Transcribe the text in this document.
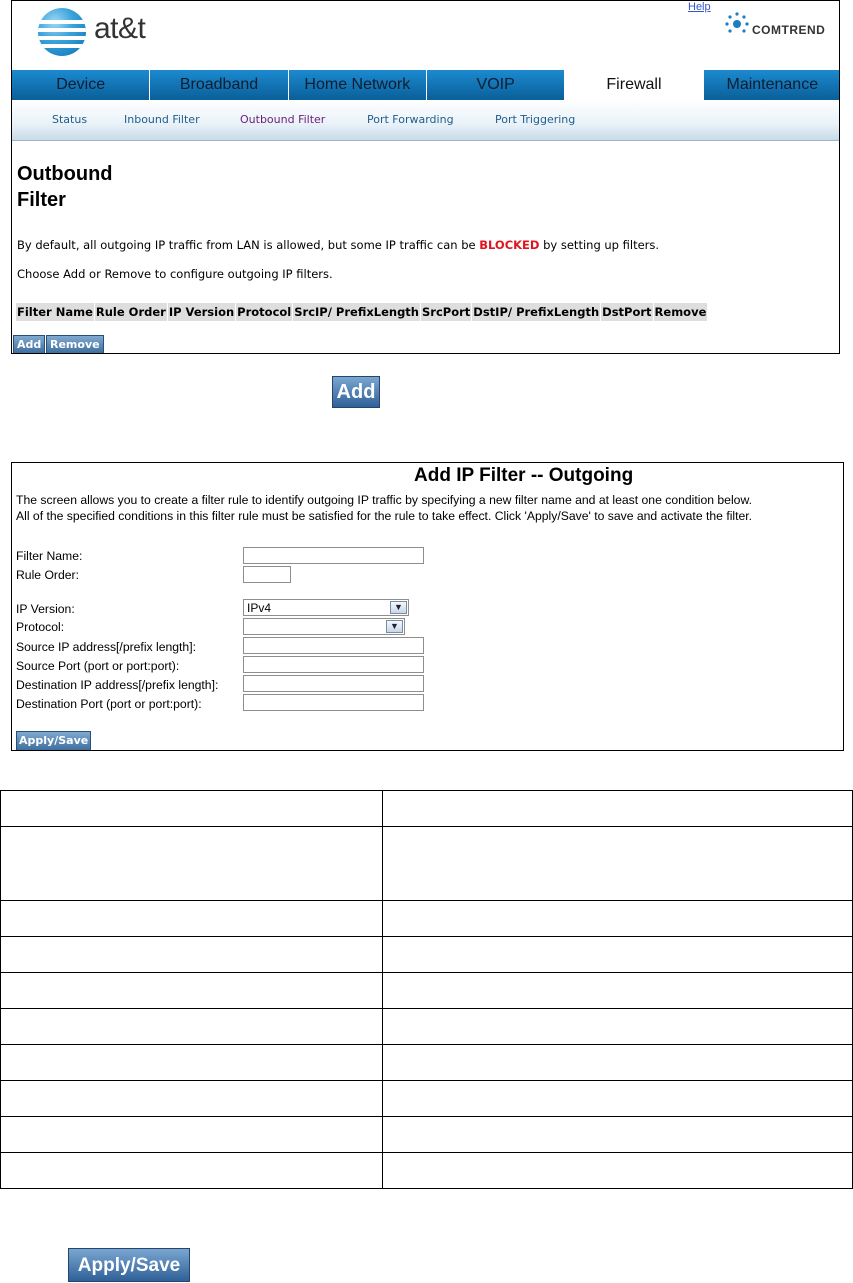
at&t
Help
COMTREND
Device	Broadband	Home Network	VOIP	Firewall	Maintenance
Status	Inbound Filter	Outbound Filter	Port Forwarding	Port Triggering
Outbound
Filter
By default, all outgoing IP traffic from LAN is allowed, but some IP traffic can be BLOCKED by setting up filters.
Choose Add or Remove to configure outgoing IP filters.
Filter Name	Rule Order	IP Version	Protocol	SrcIP/ PrefixLength	SrcPort	DstIP/ PrefixLength	DstPort	Remove
Add Remove
Add
Add IP Filter -- Outgoing
The screen allows you to create a filter rule to identify outgoing IP traffic by specifying a new filter name and at least one condition below.
All of the specified conditions in this filter rule must be satisfied for the rule to take effect. Click 'Apply/Save' to save and activate the filter.
Filter Name:
Rule Order:
IP Version:	IPv4	▼
Protocol:	▼
Source IP address[/prefix length]:
Source Port (port or port:port):
Destination IP address[/prefix length]:
Destination Port (port or port:port):
Apply/Save

Apply/Save
